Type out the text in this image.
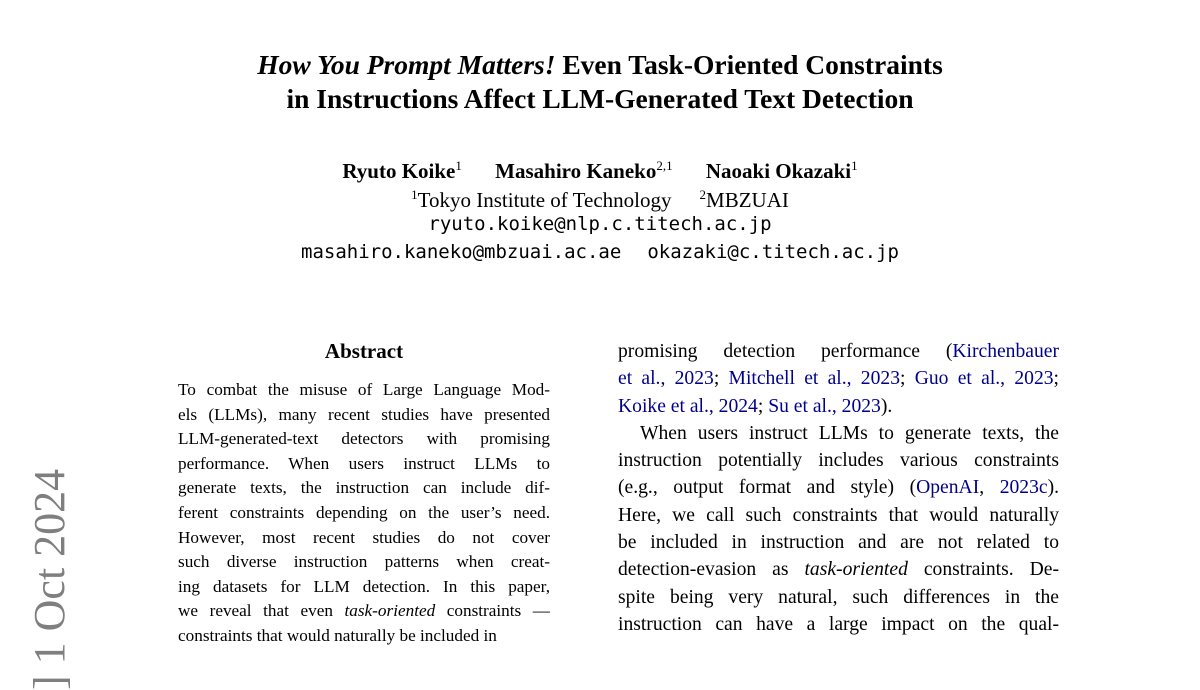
How You Prompt Matters! Even Task-Oriented Constraints
in Instructions Affect LLM-Generated Text Detection
Ryuto Koike$^1$ Masahiro Kaneko$^{2,1}$ Naoaki Okazaki$^1$
$^1$Tokyo Institute of Technology $^2$MBZUAI
ryuto.koike@nlp.c.titech.ac.jp
masahiro.kaneko@mbzuai.ac.ae okazaki@c.titech.ac.jp
] 1 Oct 2024
Abstract
To combat the misuse of Large Language Mod-
els (LLMs), many recent studies have presented
LLM-generated-text detectors with promising
performance. When users instruct LLMs to
generate texts, the instruction can include dif-
ferent constraints depending on the user’s need.
However, most recent studies do not cover
such diverse instruction patterns when creat-
ing datasets for LLM detection. In this paper,
we reveal that even task-oriented constraints —
constraints that would naturally be included in
promising detection performance (Kirchenbauer
et al., 2023; Mitchell et al., 2023; Guo et al., 2023;
Koike et al., 2024; Su et al., 2023).
When users instruct LLMs to generate texts, the
instruction potentially includes various constraints
(e.g., output format and style) (OpenAI, 2023c).
Here, we call such constraints that would naturally
be included in instruction and are not related to
detection-evasion as task-oriented constraints. De-
spite being very natural, such differences in the
instruction can have a large impact on the qual-
